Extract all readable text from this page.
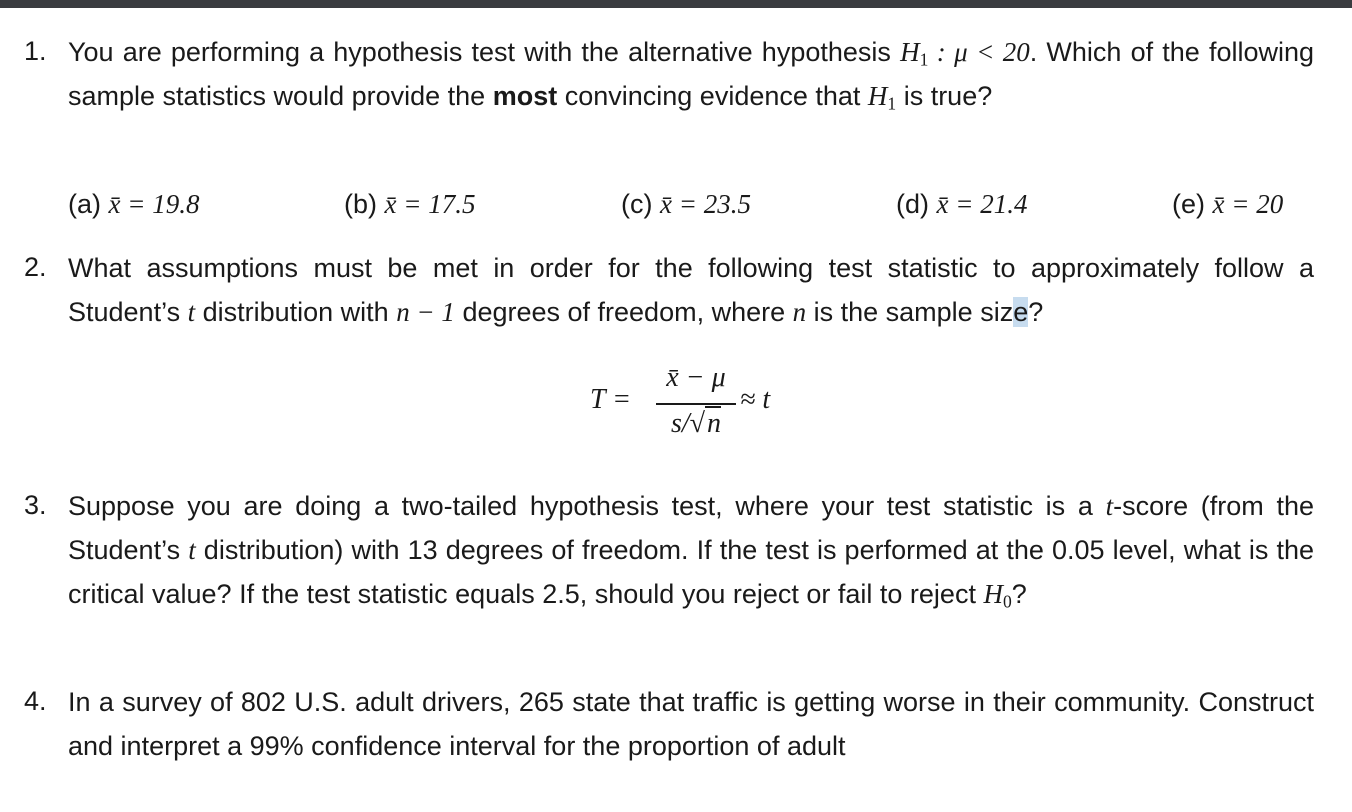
1. You are performing a hypothesis test with the alternative hypothesis $H_1$ : μ < 20. Which of the following sample statistics would provide the most convincing evidence that $H_1$ is true?
(a) x̄ = 19.8	(b) x̄ = 17.5	(c) x̄ = 23.5	(d) x̄ = 21.4	(e) x̄ = 20
2. What assumptions must be met in order for the following test statistic to approximately follow a Student’s t distribution with n − 1 degrees of freedom, where n is the sample size?
T =
x̄ − μ
s/√n
≈ t
3. Suppose you are doing a two-tailed hypothesis test, where your test statistic is a t-score (from the Student’s t distribution) with 13 degrees of freedom. If the test is performed at the 0.05 level, what is the critical value? If the test statistic equals 2.5, should you reject or fail to reject $H_0$?
4. In a survey of 802 U.S. adult drivers, 265 state that traffic is getting worse in their community. Construct and interpret a 99% confidence interval for the proportion of adult
